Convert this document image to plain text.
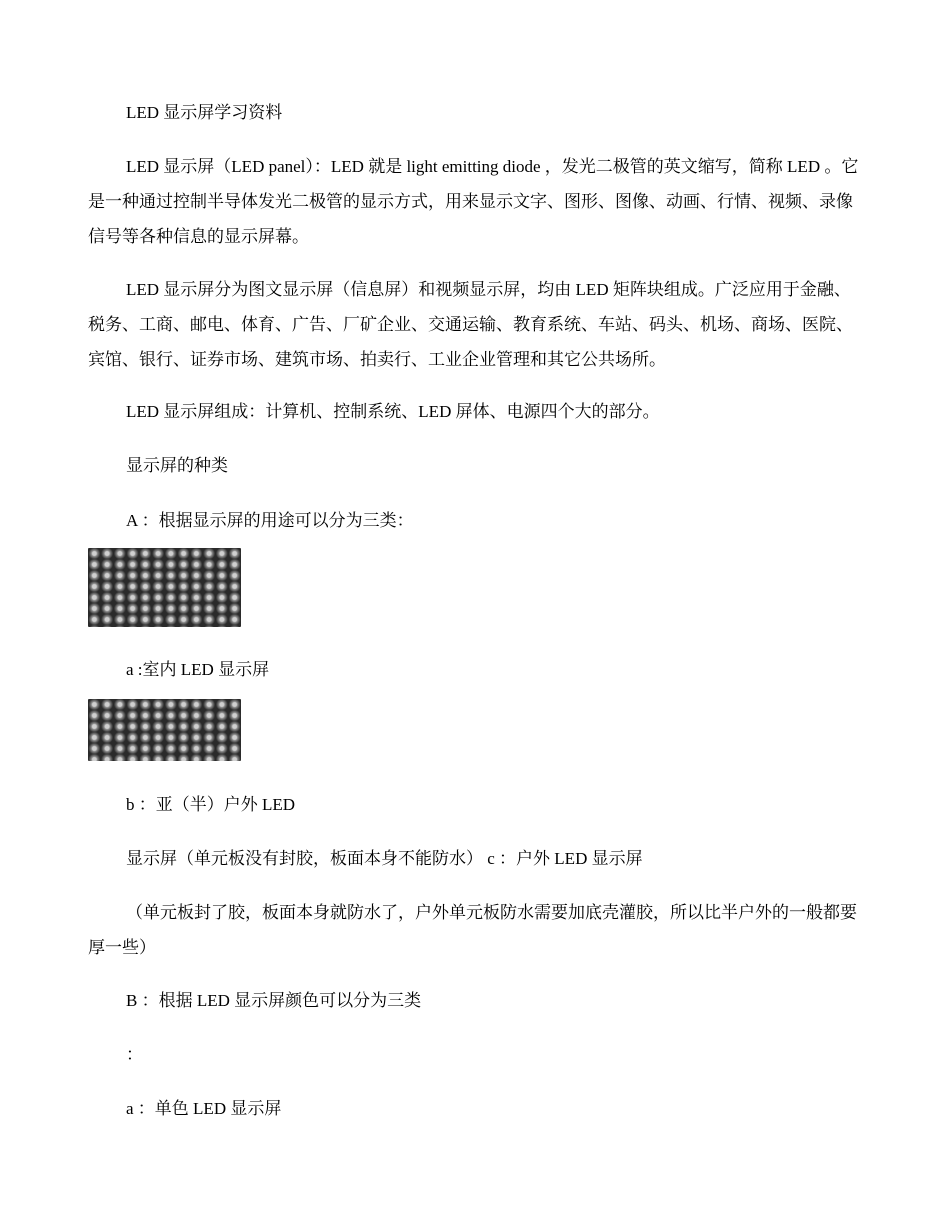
LED 显示屏学习资料

LED 显示屏（LED panel）：LED 就是 light emitting diode ，发光二极管的英文缩写，简称 LED 。它是一种通过控制半导体发光二极管的显示方式，用来显示文字、图形、图像、动画、行情、视频、录像信号等各种信息的显示屏幕。

LED 显示屏分为图文显示屏（信息屏）和视频显示屏，均由 LED 矩阵块组成。广泛应用于金融、税务、工商、邮电、体育、广告、厂矿企业、交通运输、教育系统、车站、码头、机场、商场、医院、宾馆、银行、证券市场、建筑市场、拍卖行、工业企业管理和其它公共场所。

LED 显示屏组成：计算机、控制系统、LED 屏体、电源四个大的部分。

显示屏的种类

A ：根据显示屏的用途可以分为三类：

a :室内 LED 显示屏

b ：亚（半）户外 LED

显示屏（单元板没有封胶，板面本身不能防水） c ：户外 LED 显示屏

（单元板封了胶，板面本身就防水了，户外单元板防水需要加底壳灌胶，所以比半户外的一般都要厚一些）

B ：根据 LED 显示屏颜色可以分为三类

：

a ：单色 LED 显示屏
